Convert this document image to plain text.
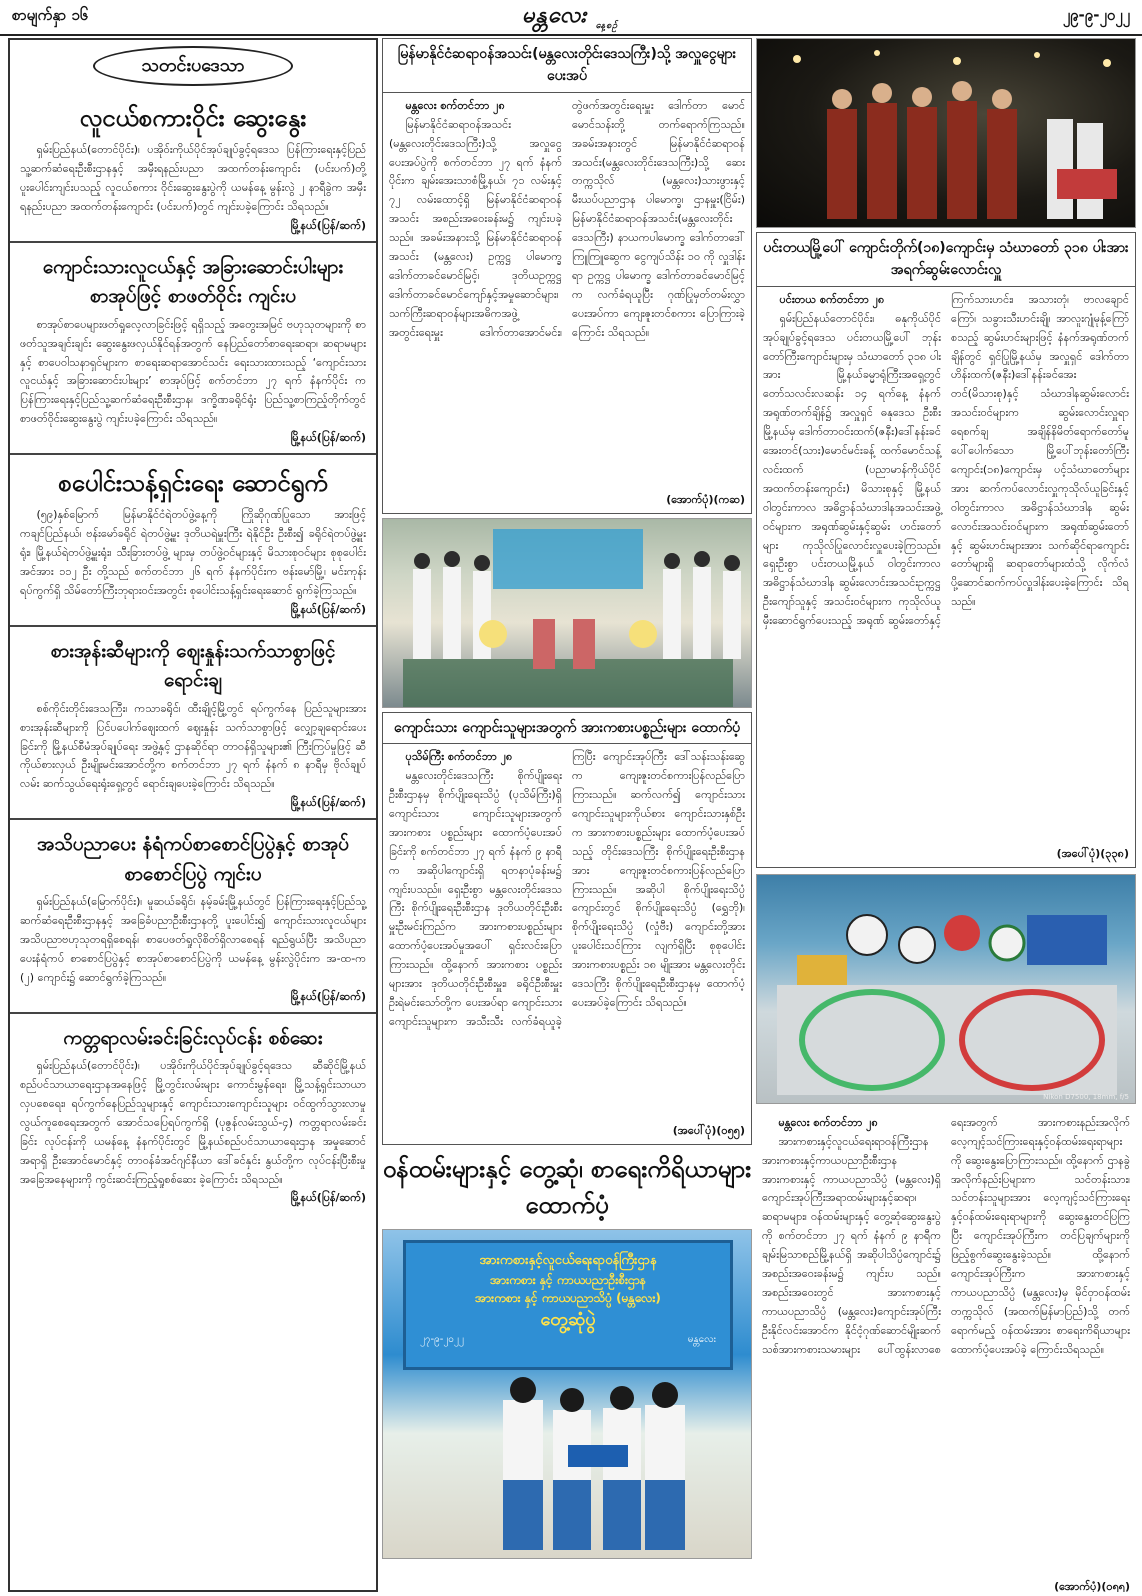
စာမျက်နှာ ၁၆	မန္တလေး နေ့စဉ်
၂၉-၉-၂၀၂၂
သတင်းပဒေသာ
လူငယ်စကားဝိုင်း ဆွေးနွေး
ရှမ်းပြည်နယ်(တောင်ပိုင်း)၊ ပအိုဝ်းကိုယ်ပိုင်အုပ်ချုပ်ခွင့်ရဒေသ ပြန်ကြားရေးနှင့်ပြည်သူ့ဆက်ဆံရေးဦးစီးဌာနနှင့် အမှီးရနည်းပညာ အထက်တန်းကျောင်း (ပင်းပက်)တို့ ပူးပေါင်းကျင်းပသည့် လူငယ်စကား ဝိုင်းဆွေးနွေးပွဲကို ယမန်နေ့ မွန်းလွဲ ၂ နာရီခွဲက အမှီးရနည်းပညာ အထက်တန်းကျောင်း (ပင်းပက်)တွင် ကျင်းပခဲ့ကြောင်း သိရသည်။
မြို့နယ်(ပြန်/ဆက်)
ကျောင်းသားလူငယ်နှင့် အခြားဆောင်းပါးများ စာအုပ်ဖြင့် စာဖတ်ဝိုင်း ကျင်းပ
စာအုပ်စာပေများဖတ်ရှုလေ့လာခြင်းဖြင့် ရရှိသည့် အတွေးအမြင် ဗဟုသုတများကို စာဖတ်သူအချင်းချင်း ဆွေးနွေးဖလှယ်နိုင်ရန်အတွက် နေပြည်တော်စာရေးဆရာ၊ ဆရာမများနှင့် စာပေဝါသနာရှင်များက စာရေးဆရာအောင်သင်း ရေးသားထားသည့် ‘ကျောင်းသားလူငယ်နှင့် အခြားဆောင်းပါးများ’ စာအုပ်ဖြင့် စက်တင်ဘာ ၂၇ ရက် နံနက်ပိုင်း က ပြန်ကြားရေးနှင့်ပြည်သူ့ဆက်ဆံရေးဦးစီးဌာန၊ ဒက္ခိဏခရိုင်ရုံး ပြည်သူ့စာကြည့်တိုက်တွင် စာဖတ်ဝိုင်းဆွေးနွေးပွဲ ကျင်းပခဲ့ကြောင်း သိရသည်။
မြို့နယ်(ပြန်/ဆက်)
စပေါင်းသန့်ရှင်းရေး ဆောင်ရွက်
(၅၉)နှစ်မြောက် မြန်မာနိုင်ငံရဲတပ်ဖွဲ့နေ့ကို ကြိုဆိုဂုဏ်ပြုသော အားဖြင့် ကချင်ပြည်နယ်၊ ဗန်းမော်ခရိုင် ရဲတပ်ဖွဲ့မှူး ဒုတိယရဲမှူးကြီး ရဲနိုင်ဦး ဦးစီး၍ ခရိုင်ရဲတပ်ဖွဲ့မှူးရုံး၊ မြို့နယ်ရဲတပ်ဖွဲ့မှူးရုံး၊ သီးခြားတပ်ဖွဲ့ များမှ တပ်ဖွဲ့ဝင်များနှင့် မိသားစုဝင်များ စုစုပေါင်းအင်အား ၁၁၂ ဦး တို့သည် စက်တင်ဘာ ၂၆ ရက် နံနက်ပိုင်းက ဗန်းမော်မြို့၊ မင်းကုန်း ရပ်ကွက်ရှိ သိမ်တော်ကြီးဘုရားဝင်းအတွင်း စုပေါင်းသန့်ရှင်းရေးဆောင် ရွက်ခဲ့ကြသည်။
မြို့နယ်(ပြန်/ဆက်)
စားအုန်းဆီများကို ဈေးနှုန်းသက်သာစွာဖြင့် ရောင်းချ
စစ်ကိုင်းတိုင်းဒေသကြီး၊ ကသာခရိုင်၊ ထီးချိုင့်မြို့တွင် ရပ်ကွက်နေ ပြည်သူများအား စားအုန်းဆီများကို ပြင်ပပေါက်ဈေးထက် ဈေးနှုန်း သက်သာစွာဖြင့် လျှော့ချရောင်းပေးခြင်းကို မြို့နယ်စီမံအုပ်ချုပ်ရေး အဖွဲ့နှင့် ဌာနဆိုင်ရာ တာဝန်ရှိသူများ၏ ကြီးကြပ်မှုဖြင့် ဆီကိုယ်စားလှယ် ဦးမျိုးမင်းအောင်တို့က စက်တင်ဘာ ၂၇ ရက် နံနက် ၈ နာရီမှ ဗိုလ်ချုပ် လမ်း ဆက်သွယ်ရေးရုံးရှေ့တွင် ရောင်းချပေးခဲ့ကြောင်း သိရသည်။
မြို့နယ်(ပြန်/ဆက်)
အသိပညာပေး နံရံကပ်စာစောင်ပြပွဲနှင့် စာအုပ်စာစောင်ပြပွဲ ကျင်းပ
ရှမ်းပြည်နယ်(မြောက်ပိုင်း)၊ မူဆယ်ခရိုင်၊ နမ့်ခမ်းမြို့နယ်တွင် ပြန်ကြားရေးနှင့်ပြည်သူ့ဆက်ဆံရေးဦးစီးဌာနနှင့် အခြေခံပညာဦးစီးဌာနတို့ ပူးပေါင်း၍ ကျောင်းသားလူငယ်များ အသိပညာဗဟုသုတရရှိစေရန်၊ စာပေဖတ်ရှုလိုစိတ်ရှိလာစေရန် ရည်ရွယ်ပြီး အသိပညာပေးနံရံကပ် စာစောင်ပြပွဲနှင့် စာအုပ်စာစောင်ပြပွဲကို ယမန်နေ့ မွန်းလွဲပိုင်းက အ-ထ-က (၂) ကျောင်း၌ ဆောင်ရွက်ခဲ့ကြသည်။
မြို့နယ်(ပြန်/ဆက်)
ကတ္တရာလမ်းခင်းခြင်းလုပ်ငန်း စစ်ဆေး
ရှမ်းပြည်နယ်(တောင်ပိုင်း)၊ ပအိုဝ်းကိုယ်ပိုင်အုပ်ချုပ်ခွင့်ရဒေသ ဆီဆိုင်မြို့နယ် စည်ပင်သာယာရေးဌာနအနေဖြင့် မြို့တွင်းလမ်းများ ကောင်းမွန်ရေး၊ မြို့သန့်ရှင်းသာယာလှပစေရေး၊ ရပ်ကွက်နေပြည်သူများနှင့် ကျောင်းသားကျောင်းသူများ ဝင်ထွက်သွားလာမှုလွယ်ကူစေရေးအတွက် အောင်သပြေရပ်ကွက်ရှိ (ပုဇွန်လမ်းသွယ်-၄) ကတ္တရာလမ်းခင်းခြင်း လုပ်ငန်းကို ယမန်နေ့ နံနက်ပိုင်းတွင် မြို့နယ်စည်ပင်သာယာရေးဌာန အမှုဆောင်အရာရှိ ဦးအောင်မောင်နှင့် တာဝန်ခံအင်ဂျင်နီယာ ဒေါ်ခင်နှင်း နွယ်တို့က လုပ်ငန်းပြီးစီးမှုအခြေအနေများကို ကွင်းဆင်းကြည့်ရှုစစ်ဆေး ခဲ့ကြောင်း သိရသည်။
မြို့နယ်(ပြန်/ဆက်)
မြန်မာနိုင်ငံဆရာဝန်အသင်း(မန္တလေးတိုင်းဒေသကြီး)သို့ အလှူငွေများ ပေးအပ်

မန္တလေး စက်တင်ဘာ ၂၈

မြန်မာနိုင်ငံဆရာဝန်အသင်း (မန္တလေးတိုင်းဒေသကြီး)သို့ အလှူငွေပေးအပ်ပွဲကို စက်တင်ဘာ ၂၇ ရက် နံနက်ပိုင်းက ချမ်းအေးသာစံမြို့နယ်၊ ၇၁ လမ်းနှင့် ၇၂ လမ်းထောင့်ရှိ မြန်မာနိုင်ငံဆရာဝန်အသင်း အစည်းအဝေးခန်းမ၌ ကျင်းပခဲ့သည်။ အခမ်းအနားသို့ မြန်မာနိုင်ငံဆရာဝန်အသင်း (မန္တလေး) ဥက္ကဋ္ဌ ပါမောက္ခဒေါက်တာခင်မောင်မြင့်၊ ဒုတိယဥက္ကဋ္ဌ ဒေါက်တာခင်မောင်ကျော်နှင့်အမှုဆောင်များ၊ သက်ကြီးဆရာဝန်များအဓိကအဖွဲ့ အတွင်းရေးမှူး ဒေါက်တာအောင်မင်း၊ တွဲဖက်အတွင်းရေးမှူး ဒေါက်တာ မောင်မောင်သန်းတို့ တက်ရောက်ကြသည်။ အခမ်းအနားတွင် မြန်မာနိုင်ငံဆရာဝန်အသင်း(မန္တလေးတိုင်းဒေသကြီး)သို့ ဆေးတက္ကသိုလ် (မန္တလေး)သားဖွားနှင့် မီးယပ်ပညာဌာန ပါမောက္ခ၊ ဌာနမှူး(ငြိမ်း) မြန်မာနိုင်ငံဆရာဝန်အသင်း(မန္တလေးတိုင်းဒေသကြီး) နာယကပါမောက္ခ ဒေါက်တာဒေါ်ကြူကြူဆွေက ငွေကျပ်သိန်း ၁၀ ကို လှူဒါန်းရာ ဥက္ကဋ္ဌ ပါမောက္ခ ဒေါက်တာခင်မောင်မြင့်က လက်ခံရယူပြီး ဂုဏ်ပြုမှတ်တမ်းလွှာ ပေးအပ်ကာ ကျေးဇူးတင်စကား ပြောကြားခဲ့ကြောင်း သိရသည်။

(အောက်ပုံ)(ကဆ)
ကျောင်းသား ကျောင်းသူများအတွက် အားကစားပစ္စည်းများ ထောက်ပံ့

ပုသိမ်ကြီး စက်တင်ဘာ ၂၈

မန္တလေးတိုင်းဒေသကြီး စိုက်ပျိုးရေးဦးစီးဌာနမှ စိုက်ပျိုးရေးသိပ္ပံ (ပုသိမ်ကြီး)ရှိ ကျောင်းသား ကျောင်းသူများအတွက် အားကစား ပစ္စည်းများ ထောက်ပံ့ပေးအပ်ခြင်းကို စက်တင်ဘာ ၂၇ ရက် နံနက် ၉ နာရီက အဆိုပါကျောင်းရှိ ရတနာပုံခန်းမ၌ ကျင်းပသည်။ ရှေးဦးစွာ မန္တလေးတိုင်းဒေသကြီး စိုက်ပျိုးရေးဦးစီးဌာန ဒုတိယတိုင်းဦးစီးမှူးဦးမင်းကြည်က အားကစားပစ္စည်းများ ထောက်ပံ့ပေးအပ်မှုအပေါ် ရှင်းလင်းပြောကြားသည်။ ထို့နောက် အားကစား ပစ္စည်းများအား ဒုတိယတိုင်းဦးစီးမှူး၊ ခရိုင်ဦးစီးမှူး ဦးရဲမင်းသော်တို့က ပေးအပ်ရာ ကျောင်းသား ကျောင်းသူများက အသီးသီး လက်ခံရယူခဲ့ကြပြီး ကျောင်းအုပ်ကြီး ဒေါ်သန်းသန်းဆွေက ကျေးဇူးတင်စကားပြန်လည်ပြောကြားသည်။ ဆက်လက်၍ ကျောင်းသားကျောင်းသူများကိုယ်စား ကျောင်းသားနှစ်ဦးက အားကစားပစ္စည်းများ ထောက်ပံ့ပေးအပ်သည့် တိုင်းဒေသကြီး စိုက်ပျိုးရေးဦးစီးဌာနအား ကျေးဇူးတင်စကားပြန်လည်ပြောကြားသည်။ အဆိုပါ စိုက်ပျိုးရေးသိပ္ပံ ကျောင်းတွင် စိုက်ပျိုးရေးသိပ္ပံ (ရွှေဘို)၊ စိုက်ပျိုးရေးသိပ္ပံ (လှုံဗီး) ကျောင်းတို့အား ပူးပေါင်းသင်ကြား လျက်ရှိပြီး စုစုပေါင်းအားကစားပစ္စည်း ၁၈ မျိုးအား မန္တလေးတိုင်းဒေသကြီး စိုက်ပျိုးရေးဦးစီးဌာနမှ ထောက်ပံ့ပေးအပ်ခဲ့ကြောင်း သိရသည်။

(အပေါ်ပုံ)(ဝ၅၅)
ဝန်ထမ်းများနှင့် တွေ့ဆုံ၊ စာရေးကိရိယာများ ထောက်ပံ့
အားကစားနှင့်လူငယ်ရေးရာဝန်ကြီးဌာန
အားကစား နှင့် ကာယပညာဦးစီးဌာန
အားကစား နှင့် ကာယပညာသိပ္ပံ (မန္တလေး)
တွေ့ဆုံပွဲ
၂၇-၉-၂၀၂၂	မန္တလေး
ပင်းတယမြို့ပေါ် ကျောင်းတိုက်(၁၈)ကျောင်းမှ သံဃာတော် ၃၁၈ ပါးအား အရက်ဆွမ်းလောင်းလှူ

ပင်းတယ စက်တင်ဘာ ၂၈

ရှမ်းပြည်နယ်တောင်ပိုင်း၊ ဓနုကိုယ်ပိုင်အုပ်ချုပ်ခွင့်ရဒေသ ပင်းတယမြို့ပေါ် ဘုန်းတော်ကြီးကျောင်းများမှ သံဃာတော် ၃၁၈ ပါးအား မြို့နယ်ခမ္မာရုံကြီးအရှေ့တွင် တော်သလင်းလဆန်း ၁၄ ရက်နေ့ နံနက်အရုဏ်တက်ချိန်၌ အလှူရှင် ဓနုဒေသ ဦးစီးမြို့နယ်မှ ဒေါက်တာဝင်းထက်(ဇနီး)ဒေါ်နန်းခင်အေးတင်(သား)မောင်မင်းခန့် ထက်မောင်သန့်လင်းထက် (ပညာမာန်ကိုယ်ပိုင်အထက်တန်းကျောင်း) မိသားစုနှင့် မြို့နယ် ဝါတွင်းကာလ အဓိဋ္ဌာန်သံဃာဒါနအသင်းအဖွဲ့ ဝင်များက အရုဏ်ဆွမ်းနှင့်ဆွမ်း ဟင်းတော်များ ကုသိုလ်ပြုလောင်းလှူပေးခဲ့ကြသည်။ ရှေးဦးစွာ ပင်းတယမြို့နယ် ဝါတွင်းကာလ အဓိဋ္ဌာန်သံဃာဒါန ဆွမ်းလောင်းအသင်းဥက္ကဋ္ဌဦးကျော်သူနှင့် အသင်းဝင်များက ကုသိုလ်ယူမှီးဆောင်ရွက်ပေးသည့် အရုဏ် ဆွမ်းတော်နှင့် ကြက်သားဟင်း၊ အသားတုံ၊ ဗာလချောင်ကြော်၊ သခွားသီးဟင်းချို၊ အာလူးဂျုံမုန့်ကြော် စသည့် ဆွမ်းဟင်းများဖြင့် နံနက်အရုဏ်တက်ချိန်တွင် ရှင်ပြုမြို့နယ်မှ အလှူရှင် ဒေါက်တာဟိန်းထက်(ဇနီး)ဒေါ်နန်းခင်အေးတင်(မိသားစု)နှင့် သံဃာဒါနဆွမ်းလောင်းအသင်းဝင်များက ဆွမ်းလောင်းလှူရာ ရေစက်ချ အချိန်နိမိတ်ရောက်တော်မူပေါ်ပေါက်သော မြို့ပေါ်ဘုန်းတော်ကြီးကျောင်း(၁၈)ကျောင်းမှ ပင့်သံဃာတော်များအား ဆက်ကပ်လောင်းလှူကုသိုလ်ယူခြင်းနှင့် ဝါတွင်းကာလ အဓိဋ္ဌာန်သံဃာဒါန ဆွမ်းလောင်းအသင်းဝင်များက အရုဏ်ဆွမ်းတော်နှင့် ဆွမ်းဟင်းများအား သက်ဆိုင်ရာကျောင်းတော်များရှိ ဆရာတော်များထံသို့ လိုက်လံပို့ဆောင်ဆက်ကပ်လှူဒါန်းပေးခဲ့ကြောင်း သိရသည်။

(အပေါ်ပုံ)(၃၃၈)
Nikon D7500, 18mm, f/5

မန္တလေး စက်တင်ဘာ ၂၈

အားကစားနှင့်လူငယ်ရေးရာဝန်ကြီးဌာန အားကစားနှင့်ကာယပညာဦးစီးဌာန အားကစားနှင့် ကာယပညာသိပ္ပံ (မန္တလေး)ရှိ ကျောင်းအုပ်ကြီးအရာထမ်းများနှင့်ဆရာ၊ ဆရာမများ၊ ဝန်ထမ်းများနှင့် တွေ့ဆုံဆွေးနွေးပွဲကို စက်တင်ဘာ ၂၇ ရက် နံနက် ၉ နာရီက ချမ်းမြသာစည်မြို့နယ်ရှိ အဆိုပါသိပ္ပံကျောင်း၌ အစည်းအဝေးခန်းမ၌ ကျင်းပ သည်။ အစည်းအဝေးတွင် အားကစားနှင့် ကာယပညာသိပ္ပံ (မန္တလေး)ကျောင်းအုပ်ကြီး ဦးနိုင်လင်းအောင်က နိုင်ငံ့ဂုဏ်ဆောင်မျိုးဆက်သစ်အားကစားသမားများ ပေါ်ထွန်းလာစေရေးအတွက် အားကစားနည်းအလိုက် လေ့ကျင့်သင်ကြားရေးနှင့်ဝန်ထမ်းရေးရာများကို ဆွေးနွေးပြောကြားသည်။ ထို့နောက် ဌာနခွဲအလိုက်နည်းပြများက သင်တန်းသား၊ သင်တန်းသူများအား လေ့ကျင့်သင်ကြားရေးနှင့်ဝန်ထမ်းရေးရာများကို ဆွေးနွေးတင်ပြကြပြီး ကျောင်းအုပ်ကြီးက တင်ပြချက်များကို ဖြည့်စွက်ဆွေးနွေးခဲ့သည်။ ထို့နောက် ကျောင်းအုပ်ကြီးက အားကစားနှင့် ကာယပညာသိပ္ပံ (မန္တလေး)မှ မိုင်ဝှာဝန်ထမ်းတက္ကသိုလ် (အထက်မြန်မာပြည်)သို့ တက်ရောက်မည့် ဝန်ထမ်းအား စာရေးကိရိယာများ ထောက်ပံ့ပေးအပ်ခဲ့ ကြောင်းသိရသည်။

(အောက်ပုံ)(၀၅၅)
